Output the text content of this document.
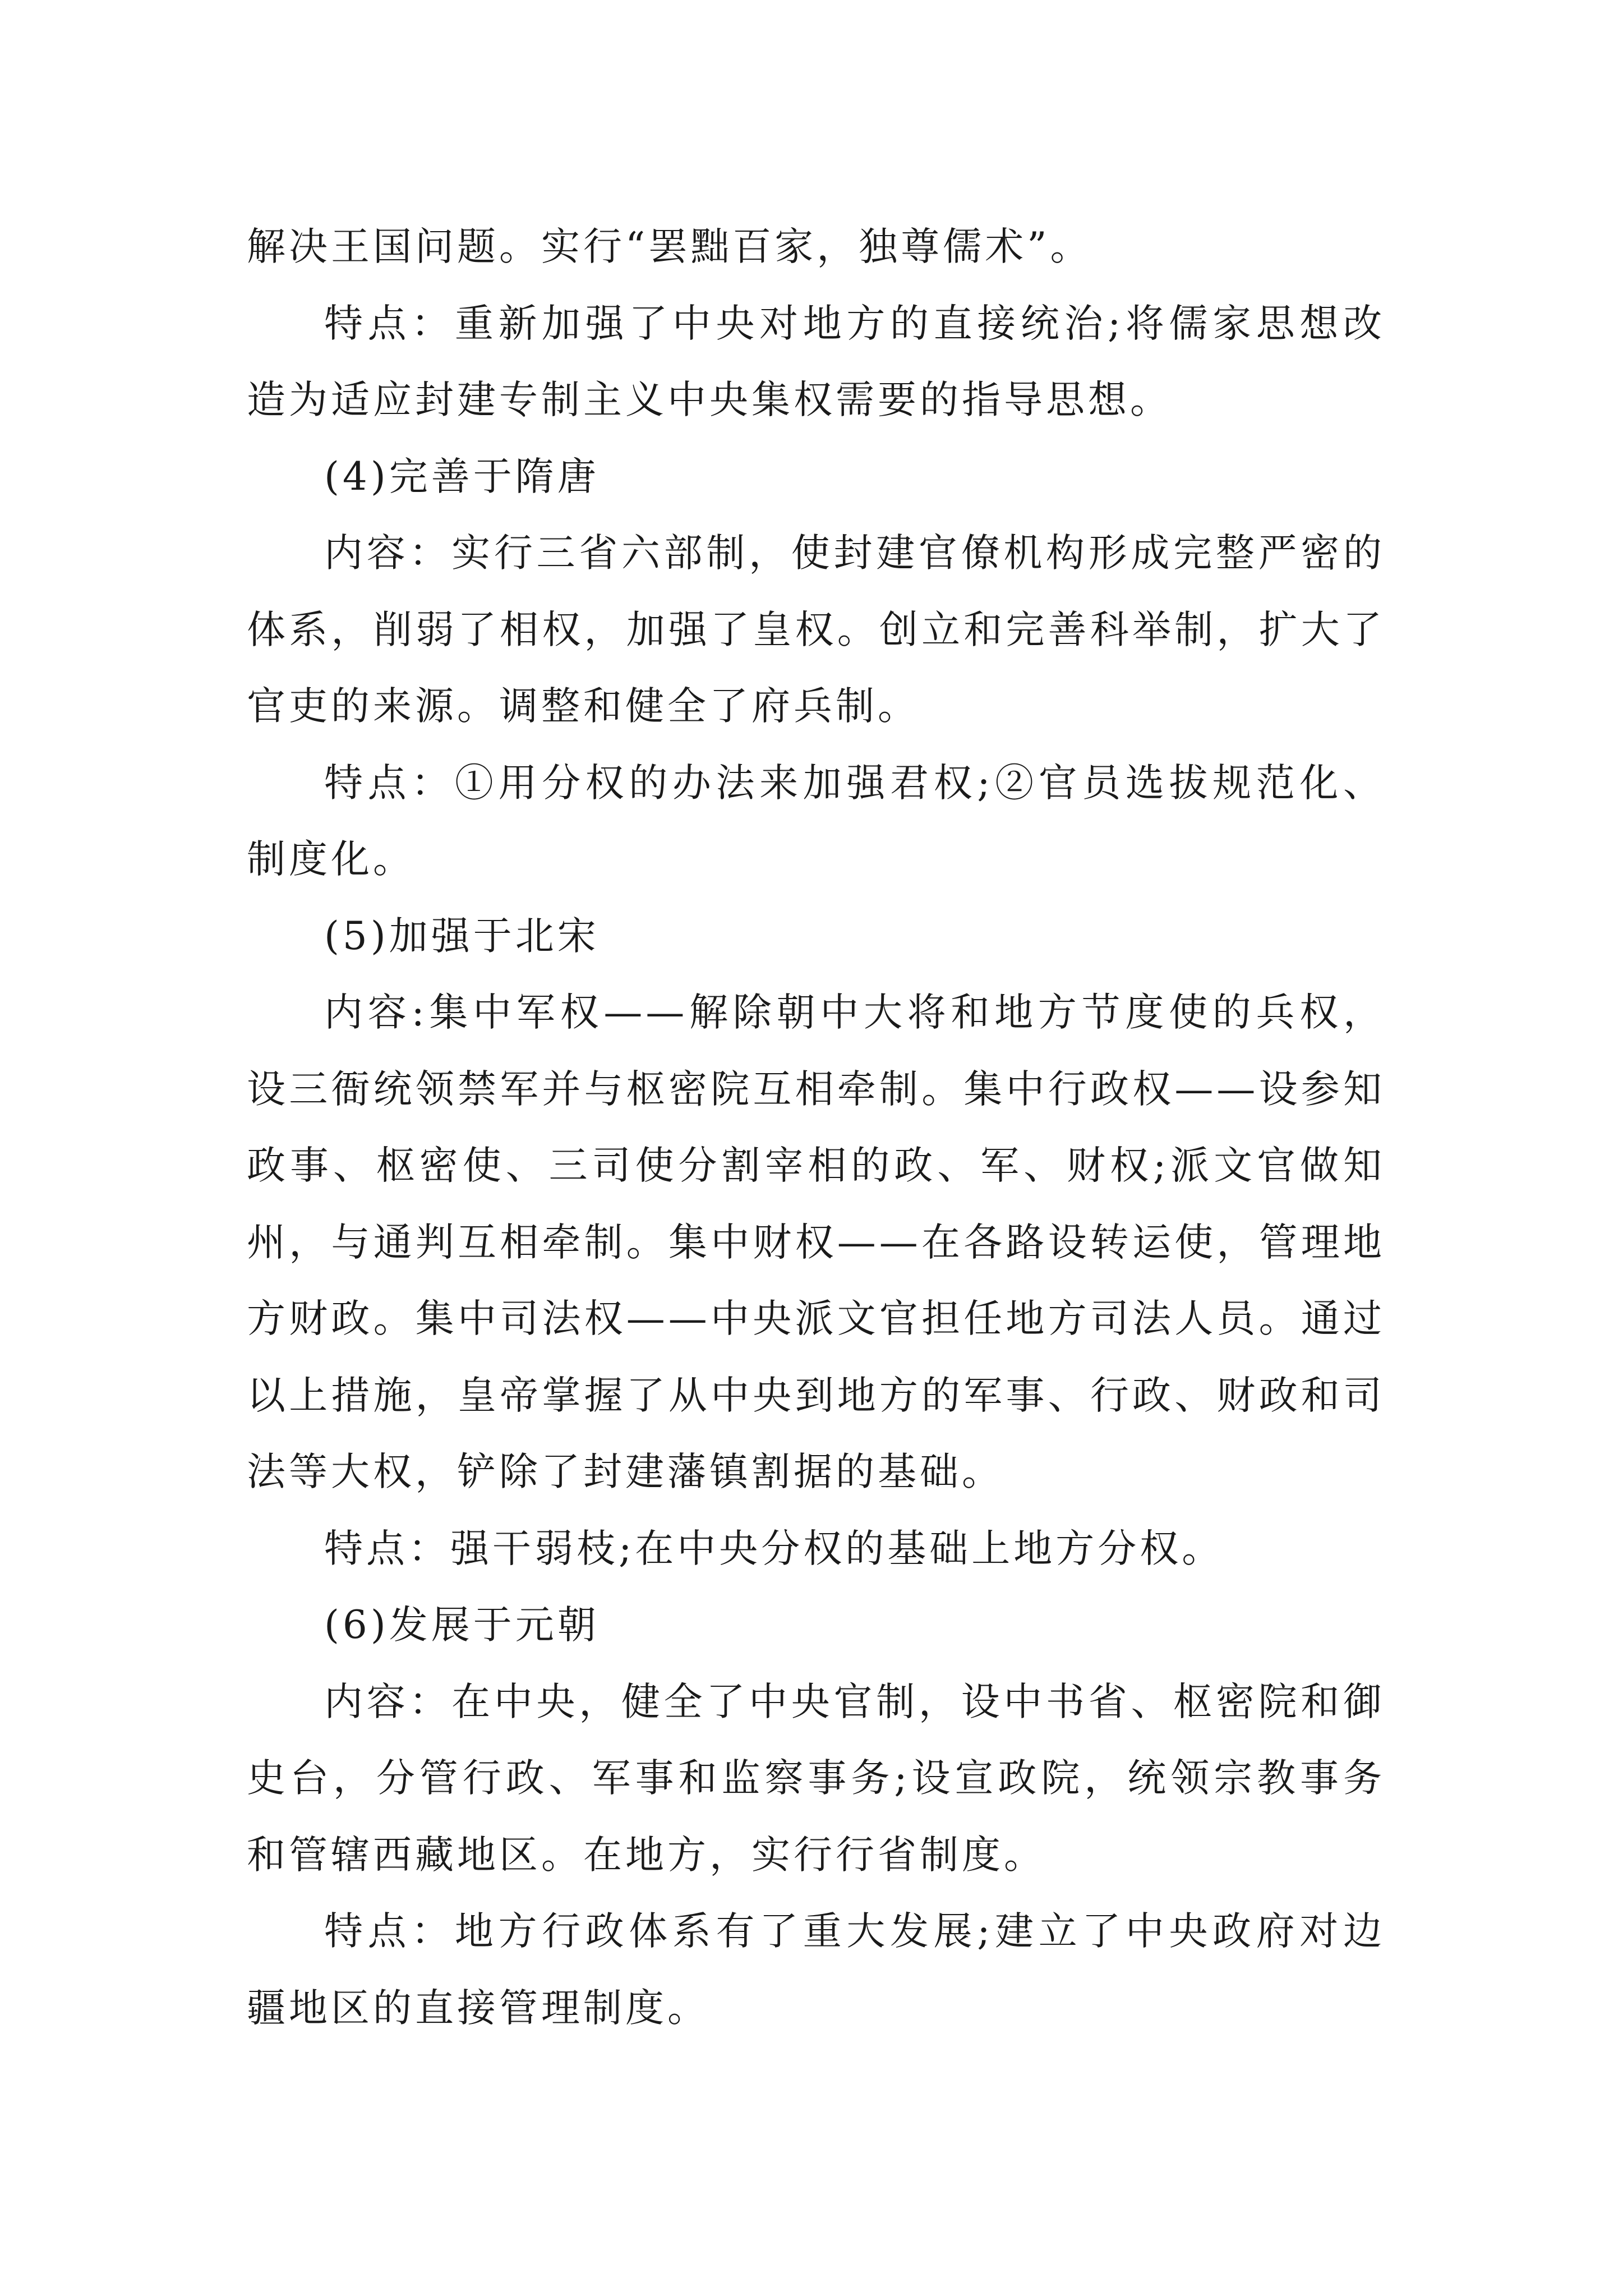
解决王国问题。实行“罢黜百家，独尊儒术”。

特点：重新加强了中央对地方的直接统治;将儒家思想改造为适应封建专制主义中央集权需要的指导思想。

(4)完善于隋唐

内容：实行三省六部制，使封建官僚机构形成完整严密的体系，削弱了相权，加强了皇权。创立和完善科举制，扩大了官吏的来源。调整和健全了府兵制。

特点：①用分权的办法来加强君权;②官员选拔规范化、制度化。

(5)加强于北宋

内容:集中军权——解除朝中大将和地方节度使的兵权，设三衙统领禁军并与枢密院互相牵制。集中行政权——设参知政事、枢密使、三司使分割宰相的政、军、财权;派文官做知州，与通判互相牵制。集中财权——在各路设转运使，管理地方财政。集中司法权——中央派文官担任地方司法人员。通过以上措施，皇帝掌握了从中央到地方的军事、行政、财政和司法等大权，铲除了封建藩镇割据的基础。

特点：强干弱枝;在中央分权的基础上地方分权。

(6)发展于元朝

内容：在中央，健全了中央官制，设中书省、枢密院和御史台，分管行政、军事和监察事务;设宣政院，统领宗教事务和管辖西藏地区。在地方，实行行省制度。

特点：地方行政体系有了重大发展;建立了中央政府对边疆地区的直接管理制度。
